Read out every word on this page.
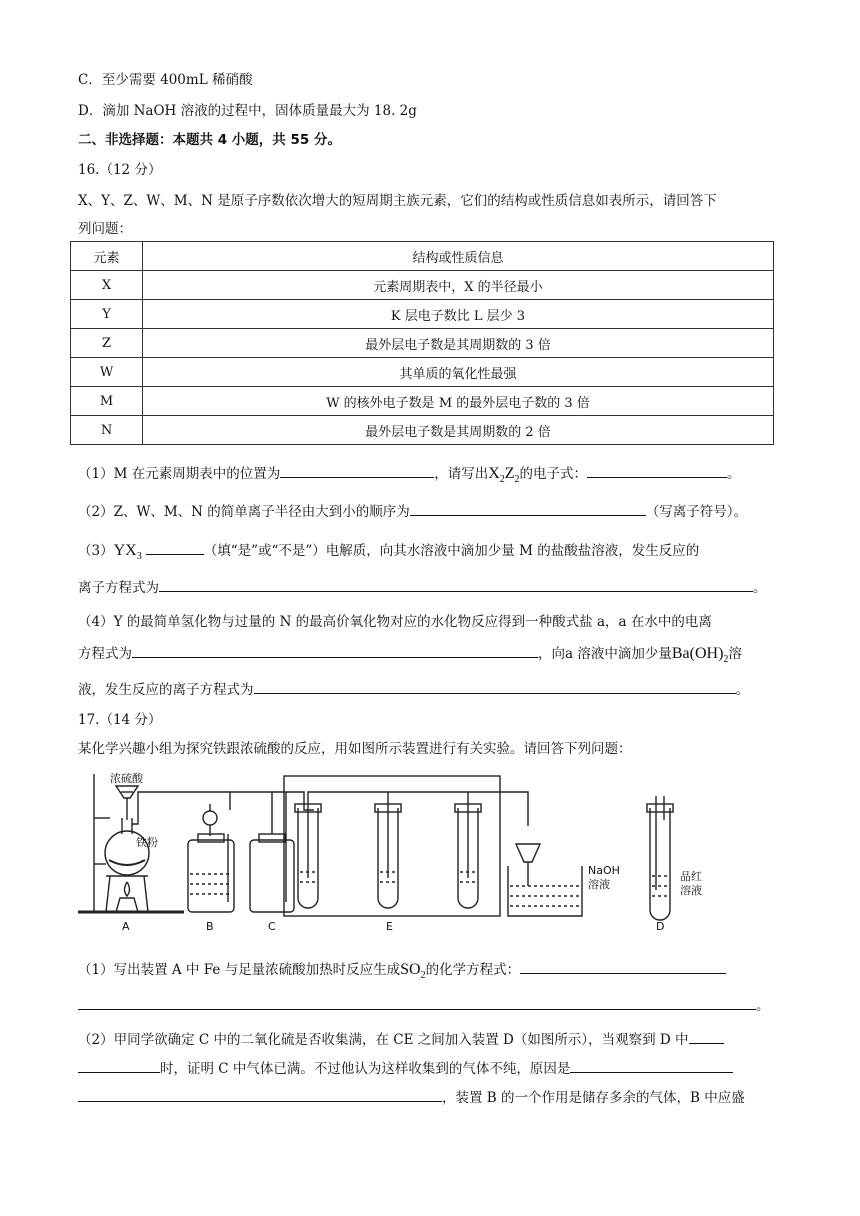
C．至少需要 400mL 稀硝酸
D．滴加 NaOH 溶液的过程中，固体质量最大为 18. 2g
二、非选择题：本题共 4 小题，共 55 分。
16.（12 分）
X、Y、Z、W、M、N 是原子序数依次增大的短周期主族元素，它们的结构或性质信息如表所示，请回答下
列问题：
元素	结构或性质信息
X	元素周期表中，X 的半径最小
Y	K 层电子数比 L 层少 3
Z	最外层电子数是其周期数的 3 倍
W	其单质的氧化性最强
M	W 的核外电子数是 M 的最外层电子数的 3 倍
N	最外层电子数是其周期数的 2 倍
（1）M 在元素周期表中的位置为	，请写出$X_2Z_2$的电子式：	。
（2）Z、W、M、N 的简单离子半径由大到小的顺序为	（写离子符号）。
$(3)YX_3$	（填“是”或“不是”）电解质，向其水溶液中滴加少量 M 的盐酸盐溶液，发生反应的
离子方程式为	。
（4）Y 的最简单氢化物与过量的 N 的最高价氧化物对应的水化物反应得到一种酸式盐 a，a 在水中的电离
方程式为	，向a 溶液中滴加少量$Ba(OH)_2$溶
液，发生反应的离子方程式为	。
17.（14 分）
某化学兴趣小组为探究铁跟浓硫酸的反应，用如图所示装置进行有关实验。请回答下列问题：
浓硫酸
铁粉
NaOH
溶液
品红
溶液
A	B	C	E	D
（1）写出装置 A 中 Fe 与足量浓硫酸加热时反应生成$SO_2$的化学方程式：
。
（2）甲同学欲确定 C 中的二氧化硫是否收集满，在 CE 之间加入装置 D（如图所示），当观察到 D 中
时，证明 C 中气体已满。不过他认为这样收集到的气体不纯，原因是
，装置 B 的一个作用是储存多余的气体，B 中应盛
